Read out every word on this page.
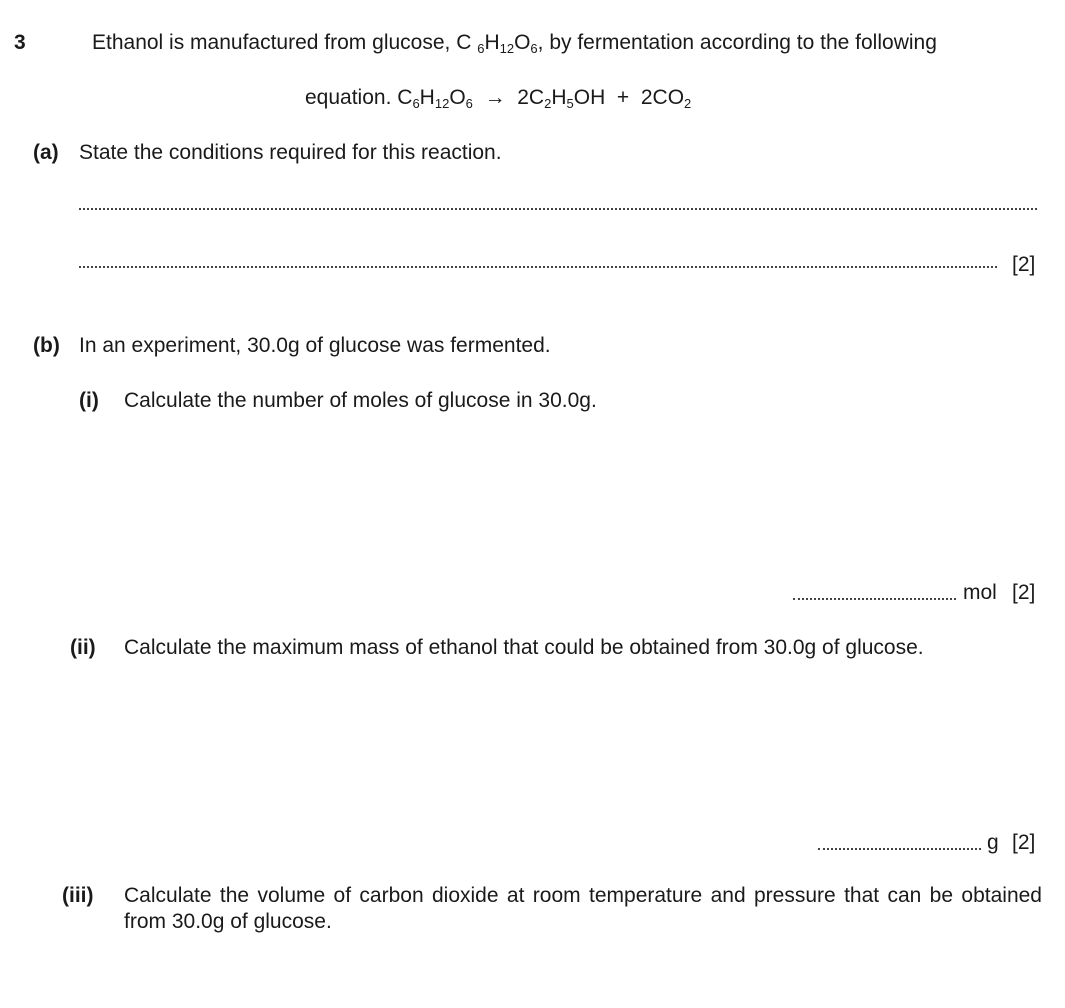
3	Ethanol is manufactured from glucose, C $_6H_{12}O_6$, by fermentation according to the following
equation. $C_6H_{12}O_6 \to 2C_2H_5OH + 2CO_2$
(a) State the conditions required for this reaction.
[2]
(b) In an experiment, 30.0g of glucose was fermented.
(i) Calculate the number of moles of glucose in 30.0g.
mol [2]
(ii) Calculate the maximum mass of ethanol that could be obtained from 30.0g of glucose.
g [2]
(iii) Calculate the volume of carbon dioxide at room temperature and pressure that can be obtained from 30.0g of glucose.
